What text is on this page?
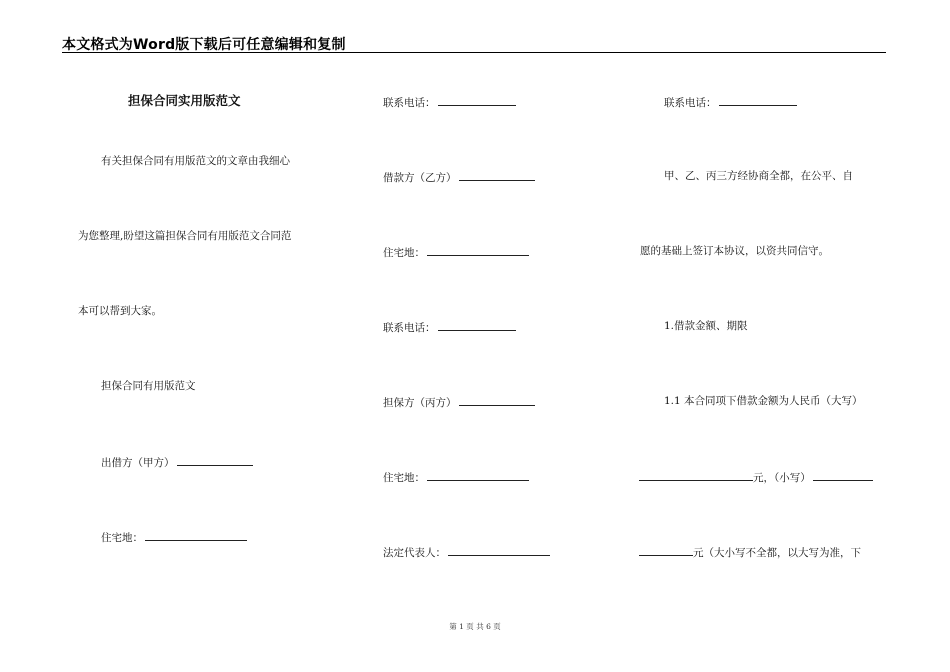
本文格式为Word版下载后可任意编辑和复制
担保合同实用版范文
有关担保合同有用版范文的文章由我细心
为您整理,盼望这篇担保合同有用版范文合同范
本可以帮到大家。
担保合同有用版范文
出借方（甲方）
住宅地：
联系电话：
借款方（乙方）
住宅地：
联系电话：
担保方（丙方）
住宅地：
法定代表人：
联系电话：
甲、乙、丙三方经协商全都，在公平、自
愿的基础上签订本协议，以资共同信守。
1.借款金额、期限
1.1 本合同项下借款金额为人民币（大写）
元，（小写）
元（大小写不全都，以大写为准，下
第 1 页 共 6 页
